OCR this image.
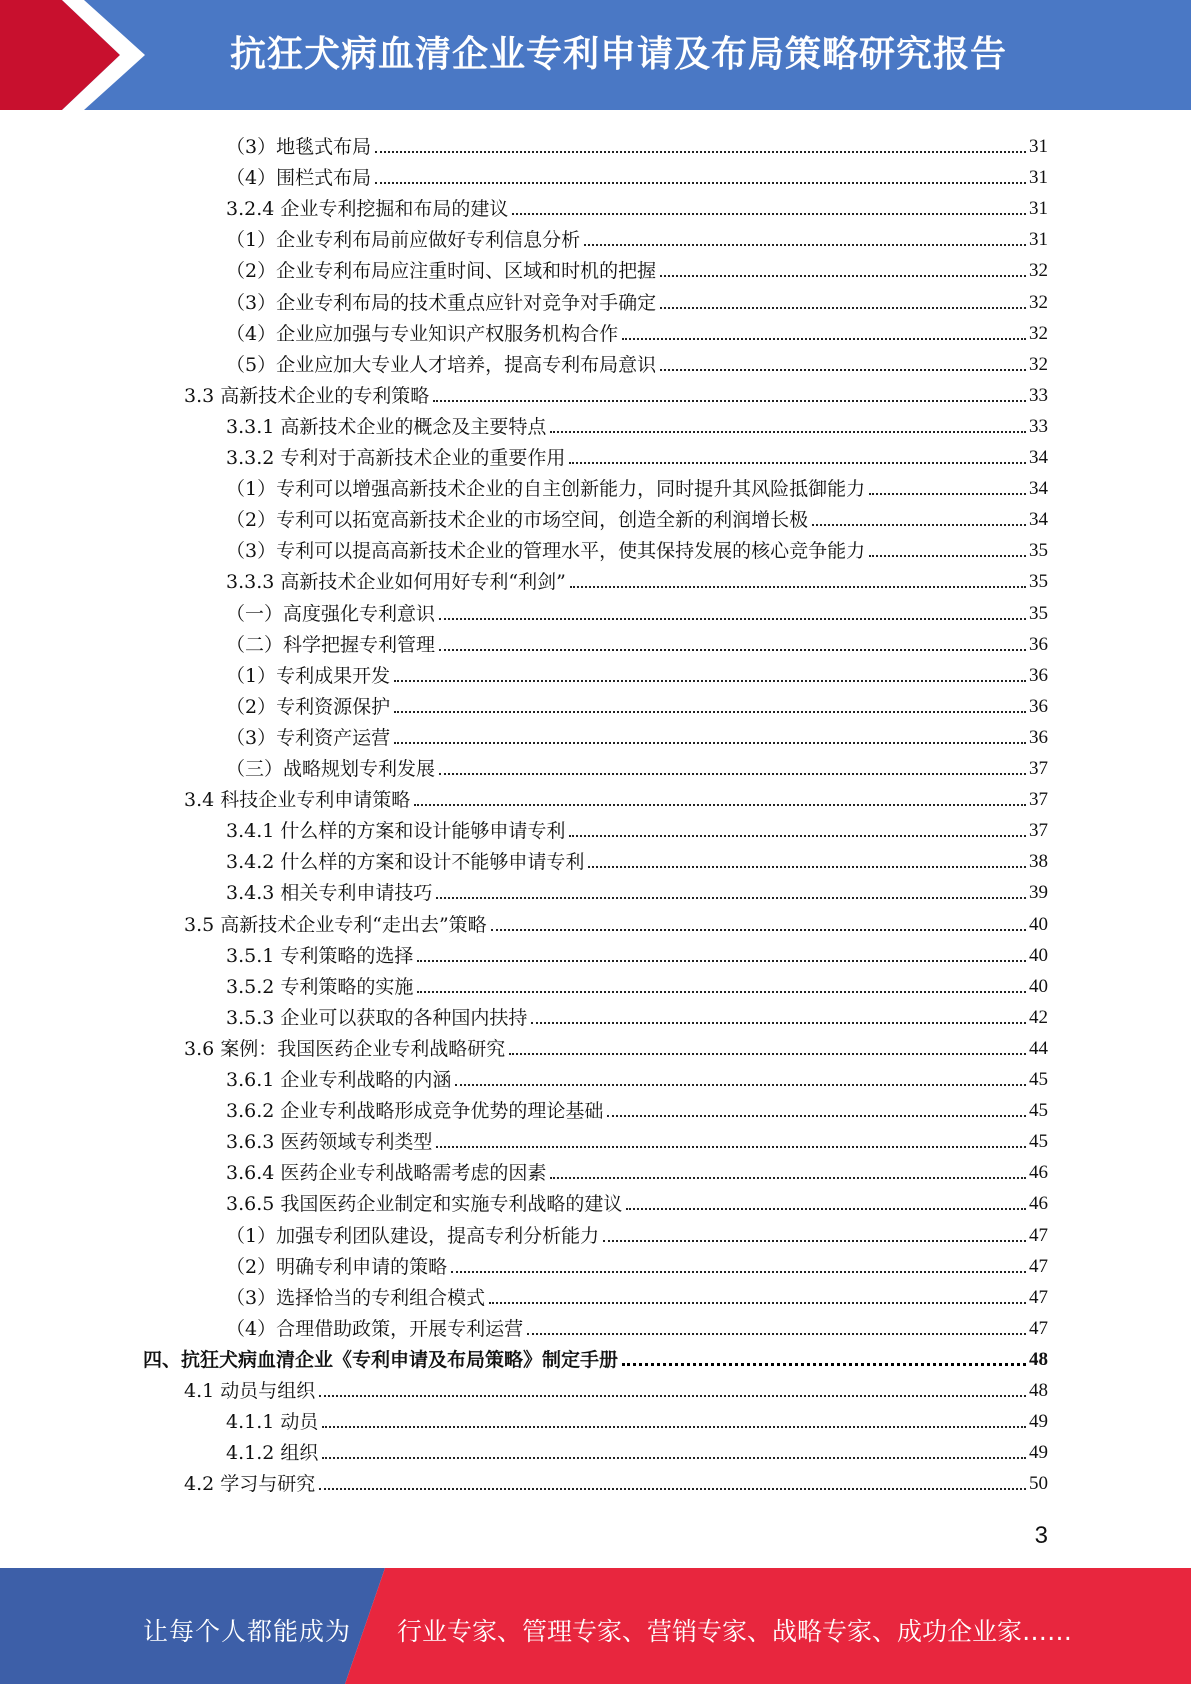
抗狂犬病血清企业专利申请及布局策略研究报告
（3）地毯式布局	31
（4）围栏式布局	31
3.2.4 企业专利挖掘和布局的建议	31
（1）企业专利布局前应做好专利信息分析	31
（2）企业专利布局应注重时间、区域和时机的把握	32
（3）企业专利布局的技术重点应针对竞争对手确定	32
（4）企业应加强与专业知识产权服务机构合作	32
（5）企业应加大专业人才培养，提高专利布局意识	32
3.3 高新技术企业的专利策略	33
3.3.1 高新技术企业的概念及主要特点	33
3.3.2 专利对于高新技术企业的重要作用	34
（1）专利可以增强高新技术企业的自主创新能力，同时提升其风险抵御能力	34
（2）专利可以拓宽高新技术企业的市场空间，创造全新的利润增长极	34
（3）专利可以提高高新技术企业的管理水平，使其保持发展的核心竞争能力	35
3.3.3 高新技术企业如何用好专利“利剑”	35
（一）高度强化专利意识	35
（二）科学把握专利管理	36
（1）专利成果开发	36
（2）专利资源保护	36
（3）专利资产运营	36
（三）战略规划专利发展	37
3.4 科技企业专利申请策略	37
3.4.1 什么样的方案和设计能够申请专利	37
3.4.2 什么样的方案和设计不能够申请专利	38
3.4.3 相关专利申请技巧	39
3.5 高新技术企业专利“走出去”策略	40
3.5.1 专利策略的选择	40
3.5.2 专利策略的实施	40
3.5.3 企业可以获取的各种国内扶持	42
3.6 案例：我国医药企业专利战略研究	44
3.6.1 企业专利战略的内涵	45
3.6.2 企业专利战略形成竞争优势的理论基础	45
3.6.3 医药领域专利类型	45
3.6.4 医药企业专利战略需考虑的因素	46
3.6.5 我国医药企业制定和实施专利战略的建议	46
（1）加强专利团队建设，提高专利分析能力	47
（2）明确专利申请的策略	47
（3）选择恰当的专利组合模式	47
（4）合理借助政策，开展专利运营	47
四、抗狂犬病血清企业《专利申请及布局策略》制定手册	48
4.1 动员与组织	48
4.1.1 动员	49
4.1.2 组织	49
4.2 学习与研究	50
3
让每个人都能成为 行业专家、管理专家、营销专家、战略专家、成功企业家……
